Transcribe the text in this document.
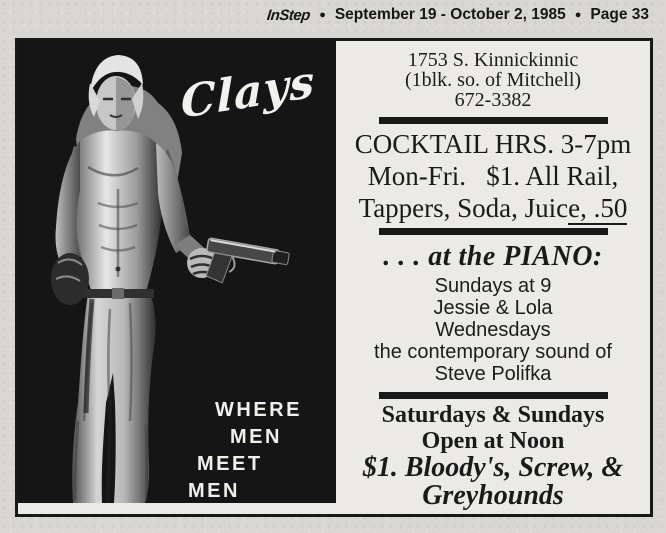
InStep ● September 19 - October 2, 1985 ● Page 33
Clays
WHERE
MEN
MEET
MEN
1753 S. Kinnickinnic
(1blk. so. of Mitchell)
672-3382
COCKTAIL HRS. 3-7pm
Mon-Fri.   $1. All Rail,
Tappers, Soda, Juice, .50
. . . at the PIANO:
Sundays at 9
Jessie & Lola
Wednesdays
the contemporary sound of
Steve Polifka
Saturdays & Sundays
Open at Noon
$1. Bloody's, Screw, &
Greyhounds
